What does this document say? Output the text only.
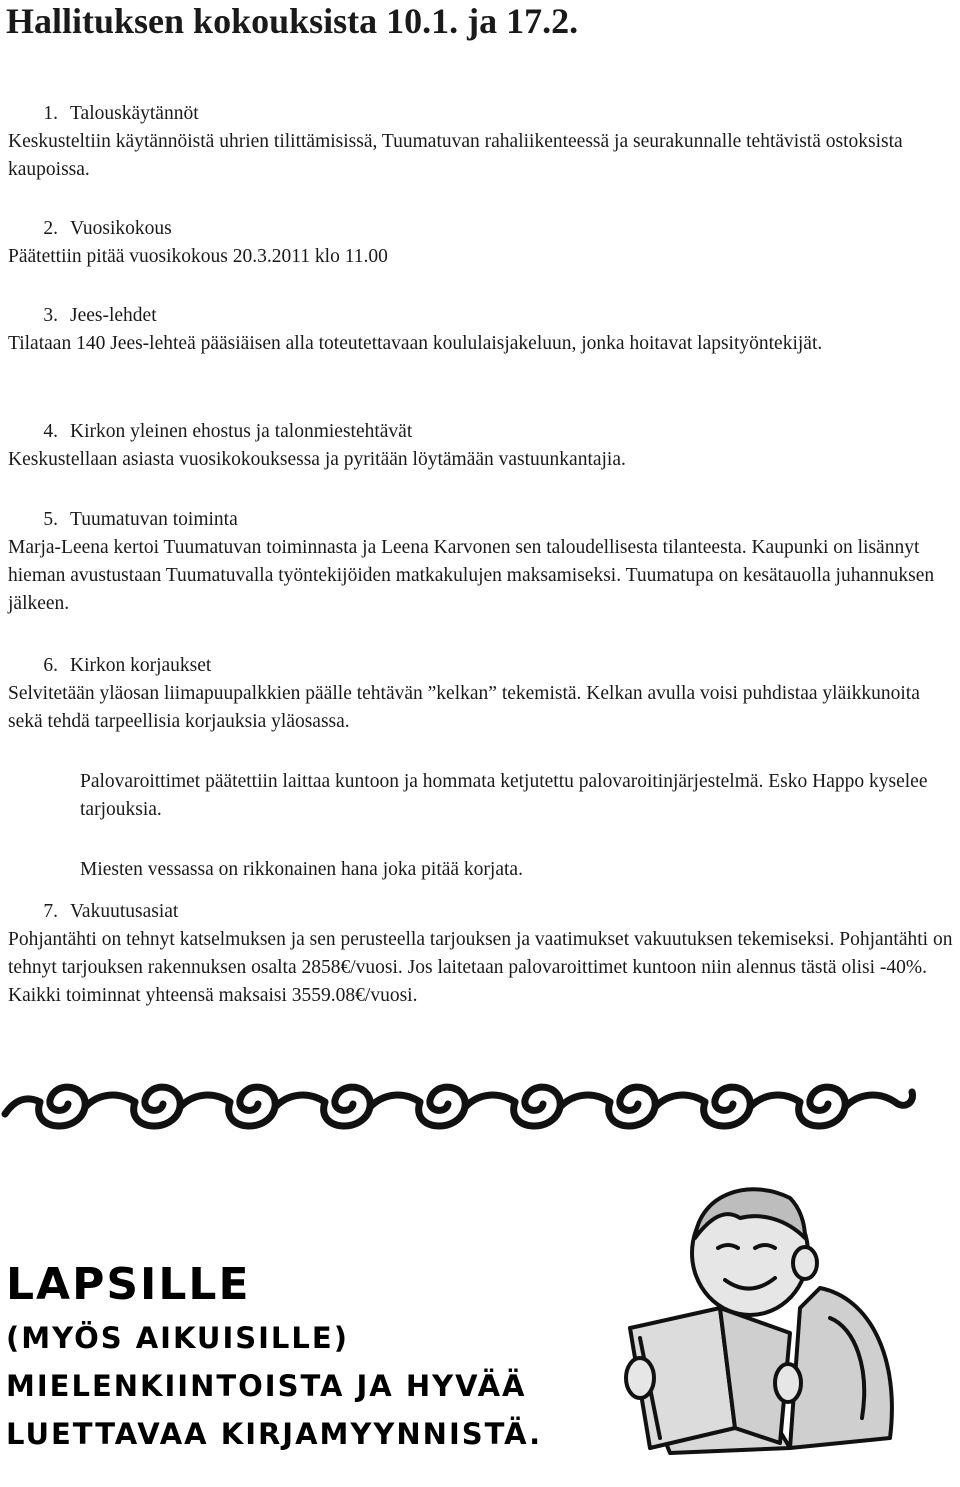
Hallituksen kokouksista 10.1. ja 17.2.

1. Talouskäytännöt

Keskusteltiin käytännöistä uhrien tilittämisissä, Tuumatuvan rahaliikenteessä ja seurakunnalle tehtävistä ostoksista kaupoissa.

2. Vuosikokous

Päätettiin pitää vuosikokous 20.3.2011 klo 11.00

3. Jees-lehdet

Tilataan 140 Jees-lehteä pääsiäisen alla toteutettavaan koululaisjakeluun, jonka hoitavat lapsityöntekijät.

4. Kirkon yleinen ehostus ja talonmiestehtävät

Keskustellaan asiasta vuosikokouksessa ja pyritään löytämään vastuunkantajia.

5. Tuumatuvan toiminta

Marja-Leena kertoi Tuumatuvan toiminnasta ja Leena Karvonen sen taloudellisesta tilanteesta. Kaupunki on lisännyt hieman avustustaan Tuumatuvalla työntekijöiden matkakulujen maksamiseksi. Tuumatupa on kesätauolla juhannuksen jälkeen.

6. Kirkon korjaukset

Selvitetään yläosan liimapuupalkkien päälle tehtävän ”kelkan” tekemistä. Kelkan avulla voisi puhdistaa yläikkunoita sekä tehdä tarpeellisia korjauksia yläosassa.

Palovaroittimet päätettiin laittaa kuntoon ja hommata ketjutettu palovaroitinjärjestelmä. Esko Happo kyselee tarjouksia.

Miesten vessassa on rikkonainen hana joka pitää korjata.

7. Vakuutusasiat

Pohjantähti on tehnyt katselmuksen ja sen perusteella tarjouksen ja vaatimukset vakuutuksen tekemiseksi. Pohjantähti on tehnyt tarjouksen rakennuksen osalta 2858€/vuosi. Jos laitetaan palovaroittimet kuntoon niin alennus tästä olisi -40%. Kaikki toiminnat yhteensä maksaisi 3559.08€/vuosi.

LAPSILLE

(MYÖS AIKUISILLE)

MIELENKIINTOISTA JA HYVÄÄ

LUETTAVAA KIRJAMYYNNISTÄ.
